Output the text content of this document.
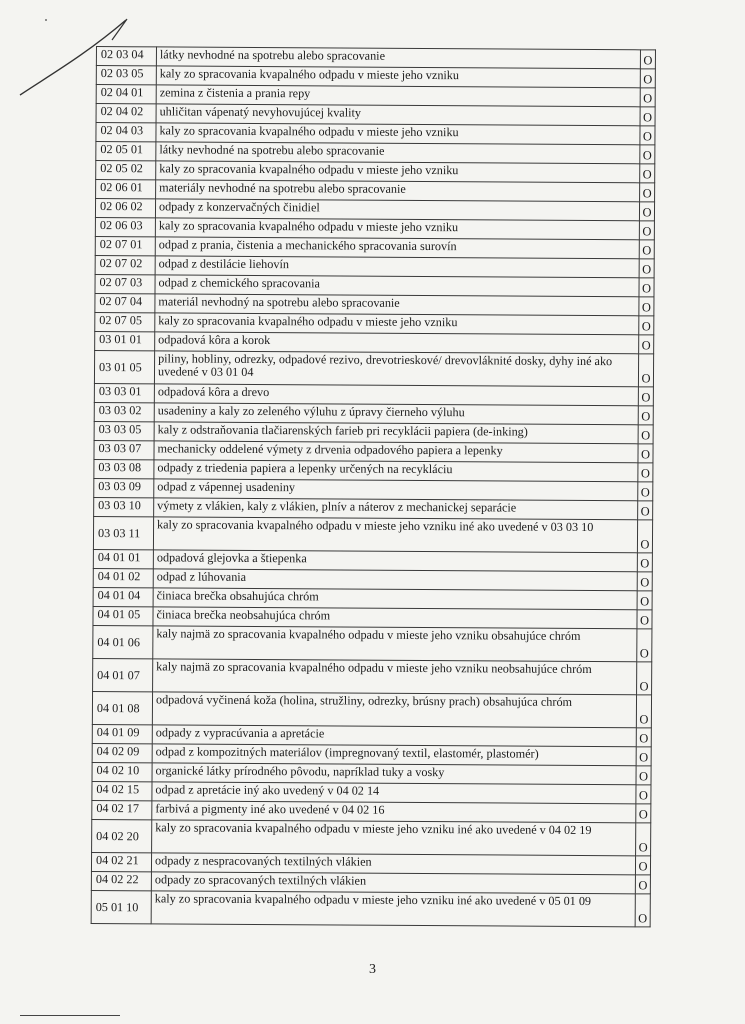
02 03 04	látky nevhodné na spotrebu alebo spracovanie	O
02 03 05	kaly zo spracovania kvapalného odpadu v mieste jeho vzniku	O
02 04 01	zemina z čistenia a prania repy	O
02 04 02	uhličitan vápenatý nevyhovujúcej kvality	O
02 04 03	kaly zo spracovania kvapalného odpadu v mieste jeho vzniku	O
02 05 01	látky nevhodné na spotrebu alebo spracovanie	O
02 05 02	kaly zo spracovania kvapalného odpadu v mieste jeho vzniku	O
02 06 01	materiály nevhodné na spotrebu alebo spracovanie	O
02 06 02	odpady z konzervačných činidiel	O
02 06 03	kaly zo spracovania kvapalného odpadu v mieste jeho vzniku	O
02 07 01	odpad z prania, čistenia a mechanického spracovania surovín	O
02 07 02	odpad z destilácie liehovín	O
02 07 03	odpad z chemického spracovania	O
02 07 04	materiál nevhodný na spotrebu alebo spracovanie	O
02 07 05	kaly zo spracovania kvapalného odpadu v mieste jeho vzniku	O
03 01 01	odpadová kôra a korok	O
03 01 05	piliny, hobliny, odrezky, odpadové rezivo, drevotrieskové/ drevovláknité dosky, dyhy iné ako uvedené v 03 01 04	O
03 03 01	odpadová kôra a drevo	O
03 03 02	usadeniny a kaly zo zeleného výluhu z úpravy čierneho výluhu	O
03 03 05	kaly z odstraňovania tlačiarenských farieb pri recyklácii papiera (de-inking)	O
03 03 07	mechanicky oddelené výmety z drvenia odpadového papiera a lepenky	O
03 03 08	odpady z triedenia papiera a lepenky určených na recykláciu	O
03 03 09	odpad z vápennej usadeniny	O
03 03 10	výmety z vlákien, kaly z vlákien, plnív a náterov z mechanickej separácie	O
03 03 11	kaly zo spracovania kvapalného odpadu v mieste jeho vzniku iné ako uvedené v 03 03 10	O
04 01 01	odpadová glejovka a štiepenka	O
04 01 02	odpad z lúhovania	O
04 01 04	činiaca brečka obsahujúca chróm	O
04 01 05	činiaca brečka neobsahujúca chróm	O
04 01 06	kaly najmä zo spracovania kvapalného odpadu v mieste jeho vzniku obsahujúce chróm	O
04 01 07	kaly najmä zo spracovania kvapalného odpadu v mieste jeho vzniku neobsahujúce chróm	O
04 01 08	odpadová vyčinená koža (holina, stružliny, odrezky, brúsny prach) obsahujúca chróm	O
04 01 09	odpady z vypracúvania a apretácie	O
04 02 09	odpad z kompozitných materiálov (impregnovaný textil, elastomér, plastomér)	O
04 02 10	organické látky prírodného pôvodu, napríklad tuky a vosky	O
04 02 15	odpad z apretácie iný ako uvedený v 04 02 14	O
04 02 17	farbivá a pigmenty iné ako uvedené v 04 02 16	O
04 02 20	kaly zo spracovania kvapalného odpadu v mieste jeho vzniku iné ako uvedené v 04 02 19	O
04 02 21	odpady z nespracovaných textilných vlákien	O
04 02 22	odpady zo spracovaných textilných vlákien	O
05 01 10	kaly zo spracovania kvapalného odpadu v mieste jeho vzniku iné ako uvedené v 05 01 09	O
3
